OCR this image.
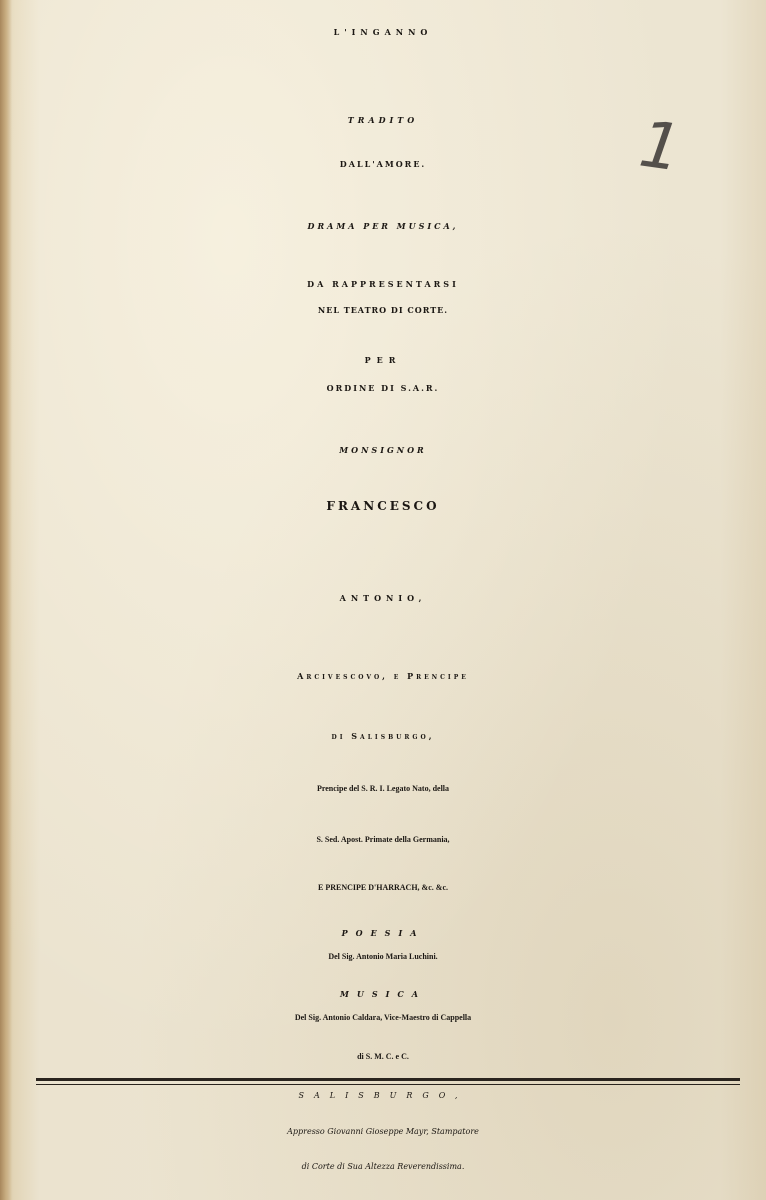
1
L'INGANNO
TRADITO
DALL'AMORE.
DRAMA PER MUSICA,
DA RAPPRESENTARSI
NEL TEATRO DI CORTE.
PER
ORDINE DI S.A.R.
MONSIGNOR
FRANCESCO
ANTONIO,
Arcivescovo, e Prencipe
di Salisburgo,
Prencipe del S. R. I. Legato Nato, della
S. Sed. Apost. Primate della Germania,
E PRENCIPE D'HARRACH, &c. &c.
POESIA
Del Sig. Antonio Maria Luchini.
MUSICA
Del Sig. Antonio Caldara, Vice-Maestro di Cappella
di S. M. C. e C.
SALISBURGO,
Appresso Giovanni Gioseppe Mayr, Stampatore
di Corte di Sua Altezza Reverendissima.
